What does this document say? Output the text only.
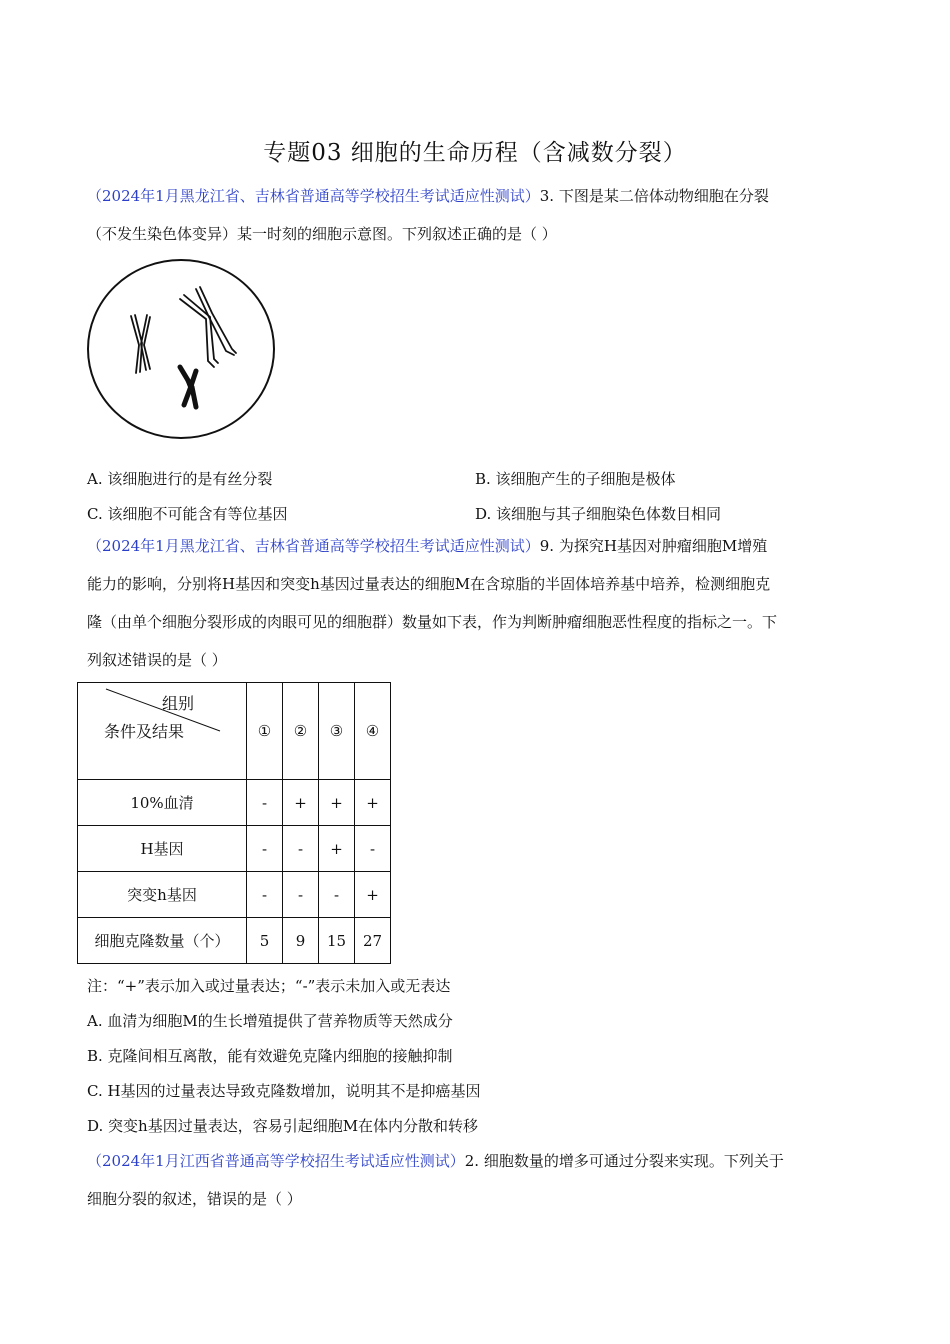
专题03 细胞的生命历程（含减数分裂）
（2024年1月黑龙江省、吉林省普通高等学校招生考试适应性测试）3. 下图是某二倍体动物细胞在分裂
（不发生染色体变异）某一时刻的细胞示意图。下列叙述正确的是（ ）
A. 该细胞进行的是有丝分裂	B. 该细胞产生的子细胞是极体
C. 该细胞不可能含有等位基因	D. 该细胞与其子细胞染色体数目相同
（2024年1月黑龙江省、吉林省普通高等学校招生考试适应性测试）9. 为探究H基因对肿瘤细胞M增殖
能力的影响，分别将H基因和突变h基因过量表达的细胞M在含琼脂的半固体培养基中培养，检测细胞克
隆（由单个细胞分裂形成的肉眼可见的细胞群）数量如下表，作为判断肿瘤细胞恶性程度的指标之一。下
列叙述错误的是（ ）
组别
条件及结果	①	②	③	④
10%血清	-	+	+	+
H基因	-	-	+	-
突变h基因	-	-	-	+
细胞克隆数量（个）	5	9	15	27
注：“+”表示加入或过量表达；“-”表示未加入或无表达
A. 血清为细胞M的生长增殖提供了营养物质等天然成分
B. 克隆间相互离散，能有效避免克隆内细胞的接触抑制
C. H基因的过量表达导致克隆数增加，说明其不是抑癌基因
D. 突变h基因过量表达，容易引起细胞M在体内分散和转移
（2024年1月江西省普通高等学校招生考试适应性测试）2. 细胞数量的增多可通过分裂来实现。下列关于
细胞分裂的叙述，错误的是（ ）
